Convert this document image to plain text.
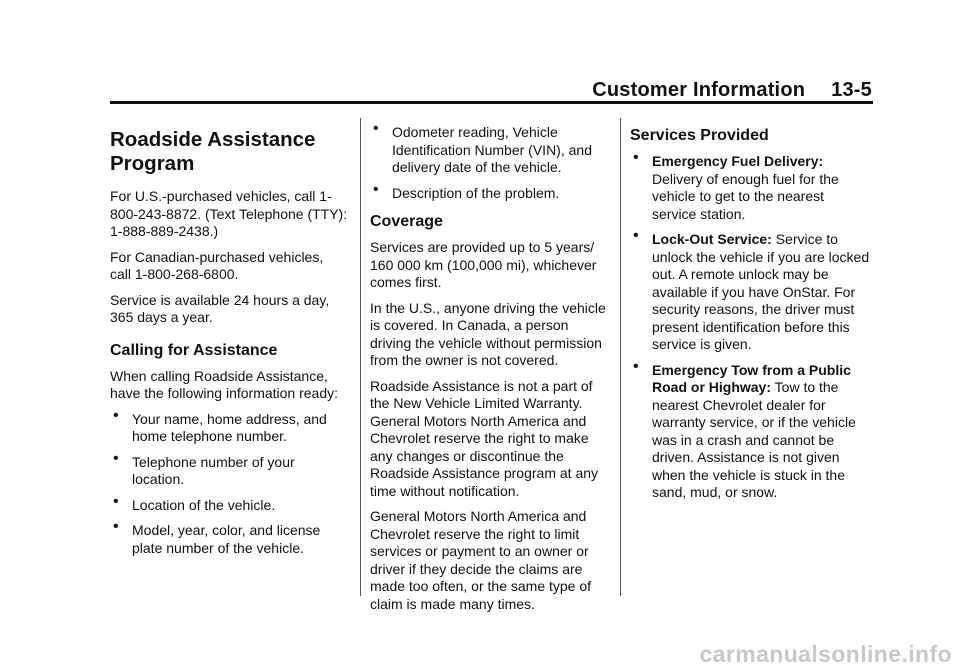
Customer Information 13-5
Roadside Assistance Program

For U.S.-purchased vehicles, call 1-800-243-8872. (Text Telephone (TTY): 1-888-889-2438.)

For Canadian-purchased vehicles, call 1-800-268-6800.

Service is available 24 hours a day, 365 days a year.

Calling for Assistance

When calling Roadside Assistance, have the following information ready:

• Your name, home address, and home telephone number.
• Telephone number of your location.
• Location of the vehicle.
• Model, year, color, and license plate number of the vehicle.
• Odometer reading, Vehicle Identification Number (VIN), and delivery date of the vehicle.
• Description of the problem.
Coverage

Services are provided up to 5 years/ 160 000 km (100,000 mi), whichever comes first.

In the U.S., anyone driving the vehicle is covered. In Canada, a person driving the vehicle without permission from the owner is not covered.

Roadside Assistance is not a part of the New Vehicle Limited Warranty. General Motors North America and Chevrolet reserve the right to make any changes or discontinue the Roadside Assistance program at any time without notification.

General Motors North America and Chevrolet reserve the right to limit services or payment to an owner or driver if they decide the claims are made too often, or the same type of claim is made many times.

Services Provided
• Emergency Fuel Delivery: Delivery of enough fuel for the vehicle to get to the nearest service station.
• Lock-Out Service: Service to unlock the vehicle if you are locked out. A remote unlock may be available if you have OnStar. For security reasons, the driver must present identification before this service is given.
• Emergency Tow from a Public Road or Highway: Tow to the nearest Chevrolet dealer for warranty service, or if the vehicle was in a crash and cannot be driven. Assistance is not given when the vehicle is stuck in the sand, mud, or snow.
carmanualsonline.info
